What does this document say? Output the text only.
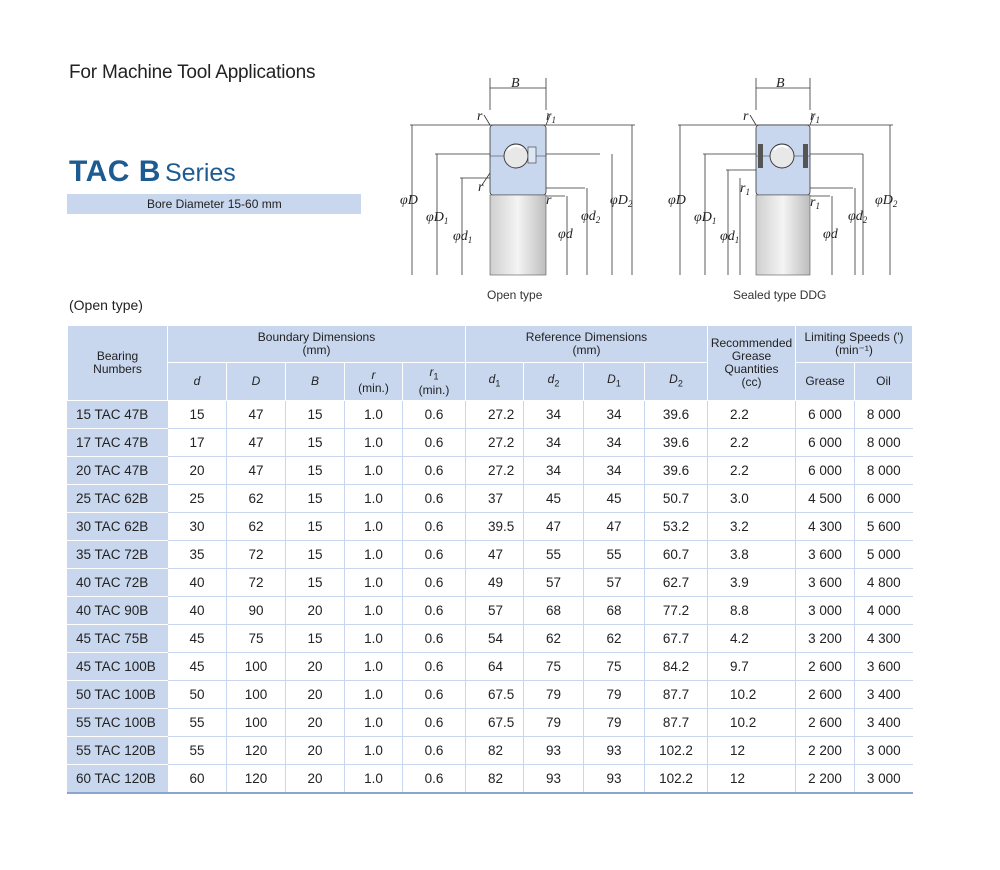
For Machine Tool Applications
TAC B Series
Bore Diameter 15-60 mm
(Open type)
B
r	$r_1$
r
r
φD
$\varphi D_1$
$\varphi d_1$	φd
$\varphi d_2$
$\varphi D_2$
Open type
B
r	$r_1$
$r_1$
$r_1$
φD
$\varphi D_1$
$\varphi d_1$	φd
$\varphi d_2$
$\varphi D_2$
Sealed type DDG
Bearing
Numbers	Boundary Dimensions
(mm)					Reference Dimensions
(mm)				Recommended
Grease
Quantities
(cc)	Limiting Speeds (')
(min⁻¹)	
	d	D	B	r
(min.)	$r_1$
(min.)	$d_1$	$d_2$	$D_1$	$D_2$		Grease	Oil
15 TAC 47B	15	47	15	1.0	0.6	27.2	34	34	39.6	2.2	6 000	8 000
17 TAC 47B	17	47	15	1.0	0.6	27.2	34	34	39.6	2.2	6 000	8 000
20 TAC 47B	20	47	15	1.0	0.6	27.2	34	34	39.6	2.2	6 000	8 000
25 TAC 62B	25	62	15	1.0	0.6	37	45	45	50.7	3.0	4 500	6 000
30 TAC 62B	30	62	15	1.0	0.6	39.5	47	47	53.2	3.2	4 300	5 600
35 TAC 72B	35	72	15	1.0	0.6	47	55	55	60.7	3.8	3 600	5 000
40 TAC 72B	40	72	15	1.0	0.6	49	57	57	62.7	3.9	3 600	4 800
40 TAC 90B	40	90	20	1.0	0.6	57	68	68	77.2	8.8	3 000	4 000
45 TAC 75B	45	75	15	1.0	0.6	54	62	62	67.7	4.2	3 200	4 300
45 TAC 100B	45	100	20	1.0	0.6	64	75	75	84.2	9.7	2 600	3 600
50 TAC 100B	50	100	20	1.0	0.6	67.5	79	79	87.7	10.2	2 600	3 400
55 TAC 100B	55	100	20	1.0	0.6	67.5	79	79	87.7	10.2	2 600	3 400
55 TAC 120B	55	120	20	1.0	0.6	82	93	93	102.2	12	2 200	3 000
60 TAC 120B	60	120	20	1.0	0.6	82	93	93	102.2	12	2 200	3 000
